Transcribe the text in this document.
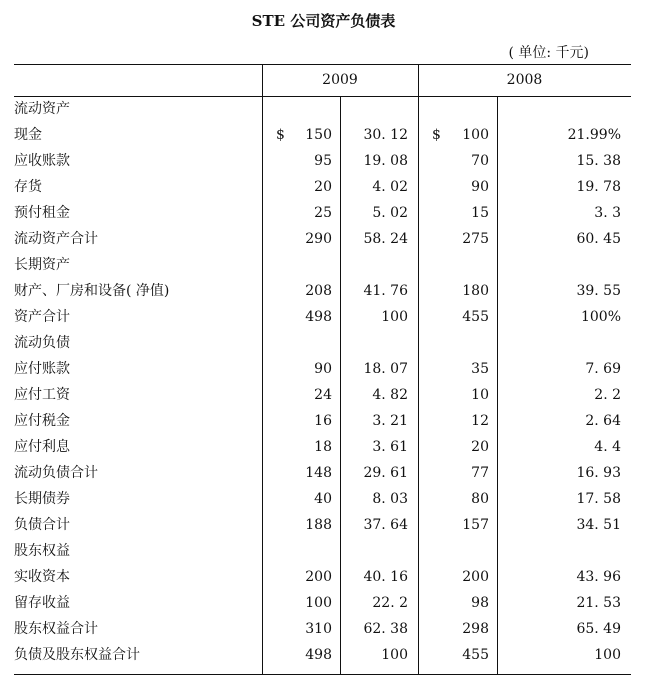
STE 公司资产负债表
( 单位: 千元)
2009	2008
流动资产				
现金	$ 150	30. 12	$ 100	21.99%
应收账款	95	19. 08	70	15. 38
存货	20	4. 02	90	19. 78
预付租金	25	5. 02	15	3. 3
流动资产合计	290	58. 24	275	60. 45
长期资产				
财产、厂房和设备( 净值)	208	41. 76	180	39. 55
资产合计	498	100	455	100%
流动负债				
应付账款	90	18. 07	35	7. 69
应付工资	24	4. 82	10	2. 2
应付税金	16	3. 21	12	2. 64
应付利息	18	3. 61	20	4. 4
流动负债合计	148	29. 61	77	16. 93
长期债券	40	8. 03	80	17. 58
负债合计	188	37. 64	157	34. 51
股东权益				
实收资本	200	40. 16	200	43. 96
留存收益	100	22. 2	98	21. 53
股东权益合计	310	62. 38	298	65. 49
负债及股东权益合计	498	100	455	100
